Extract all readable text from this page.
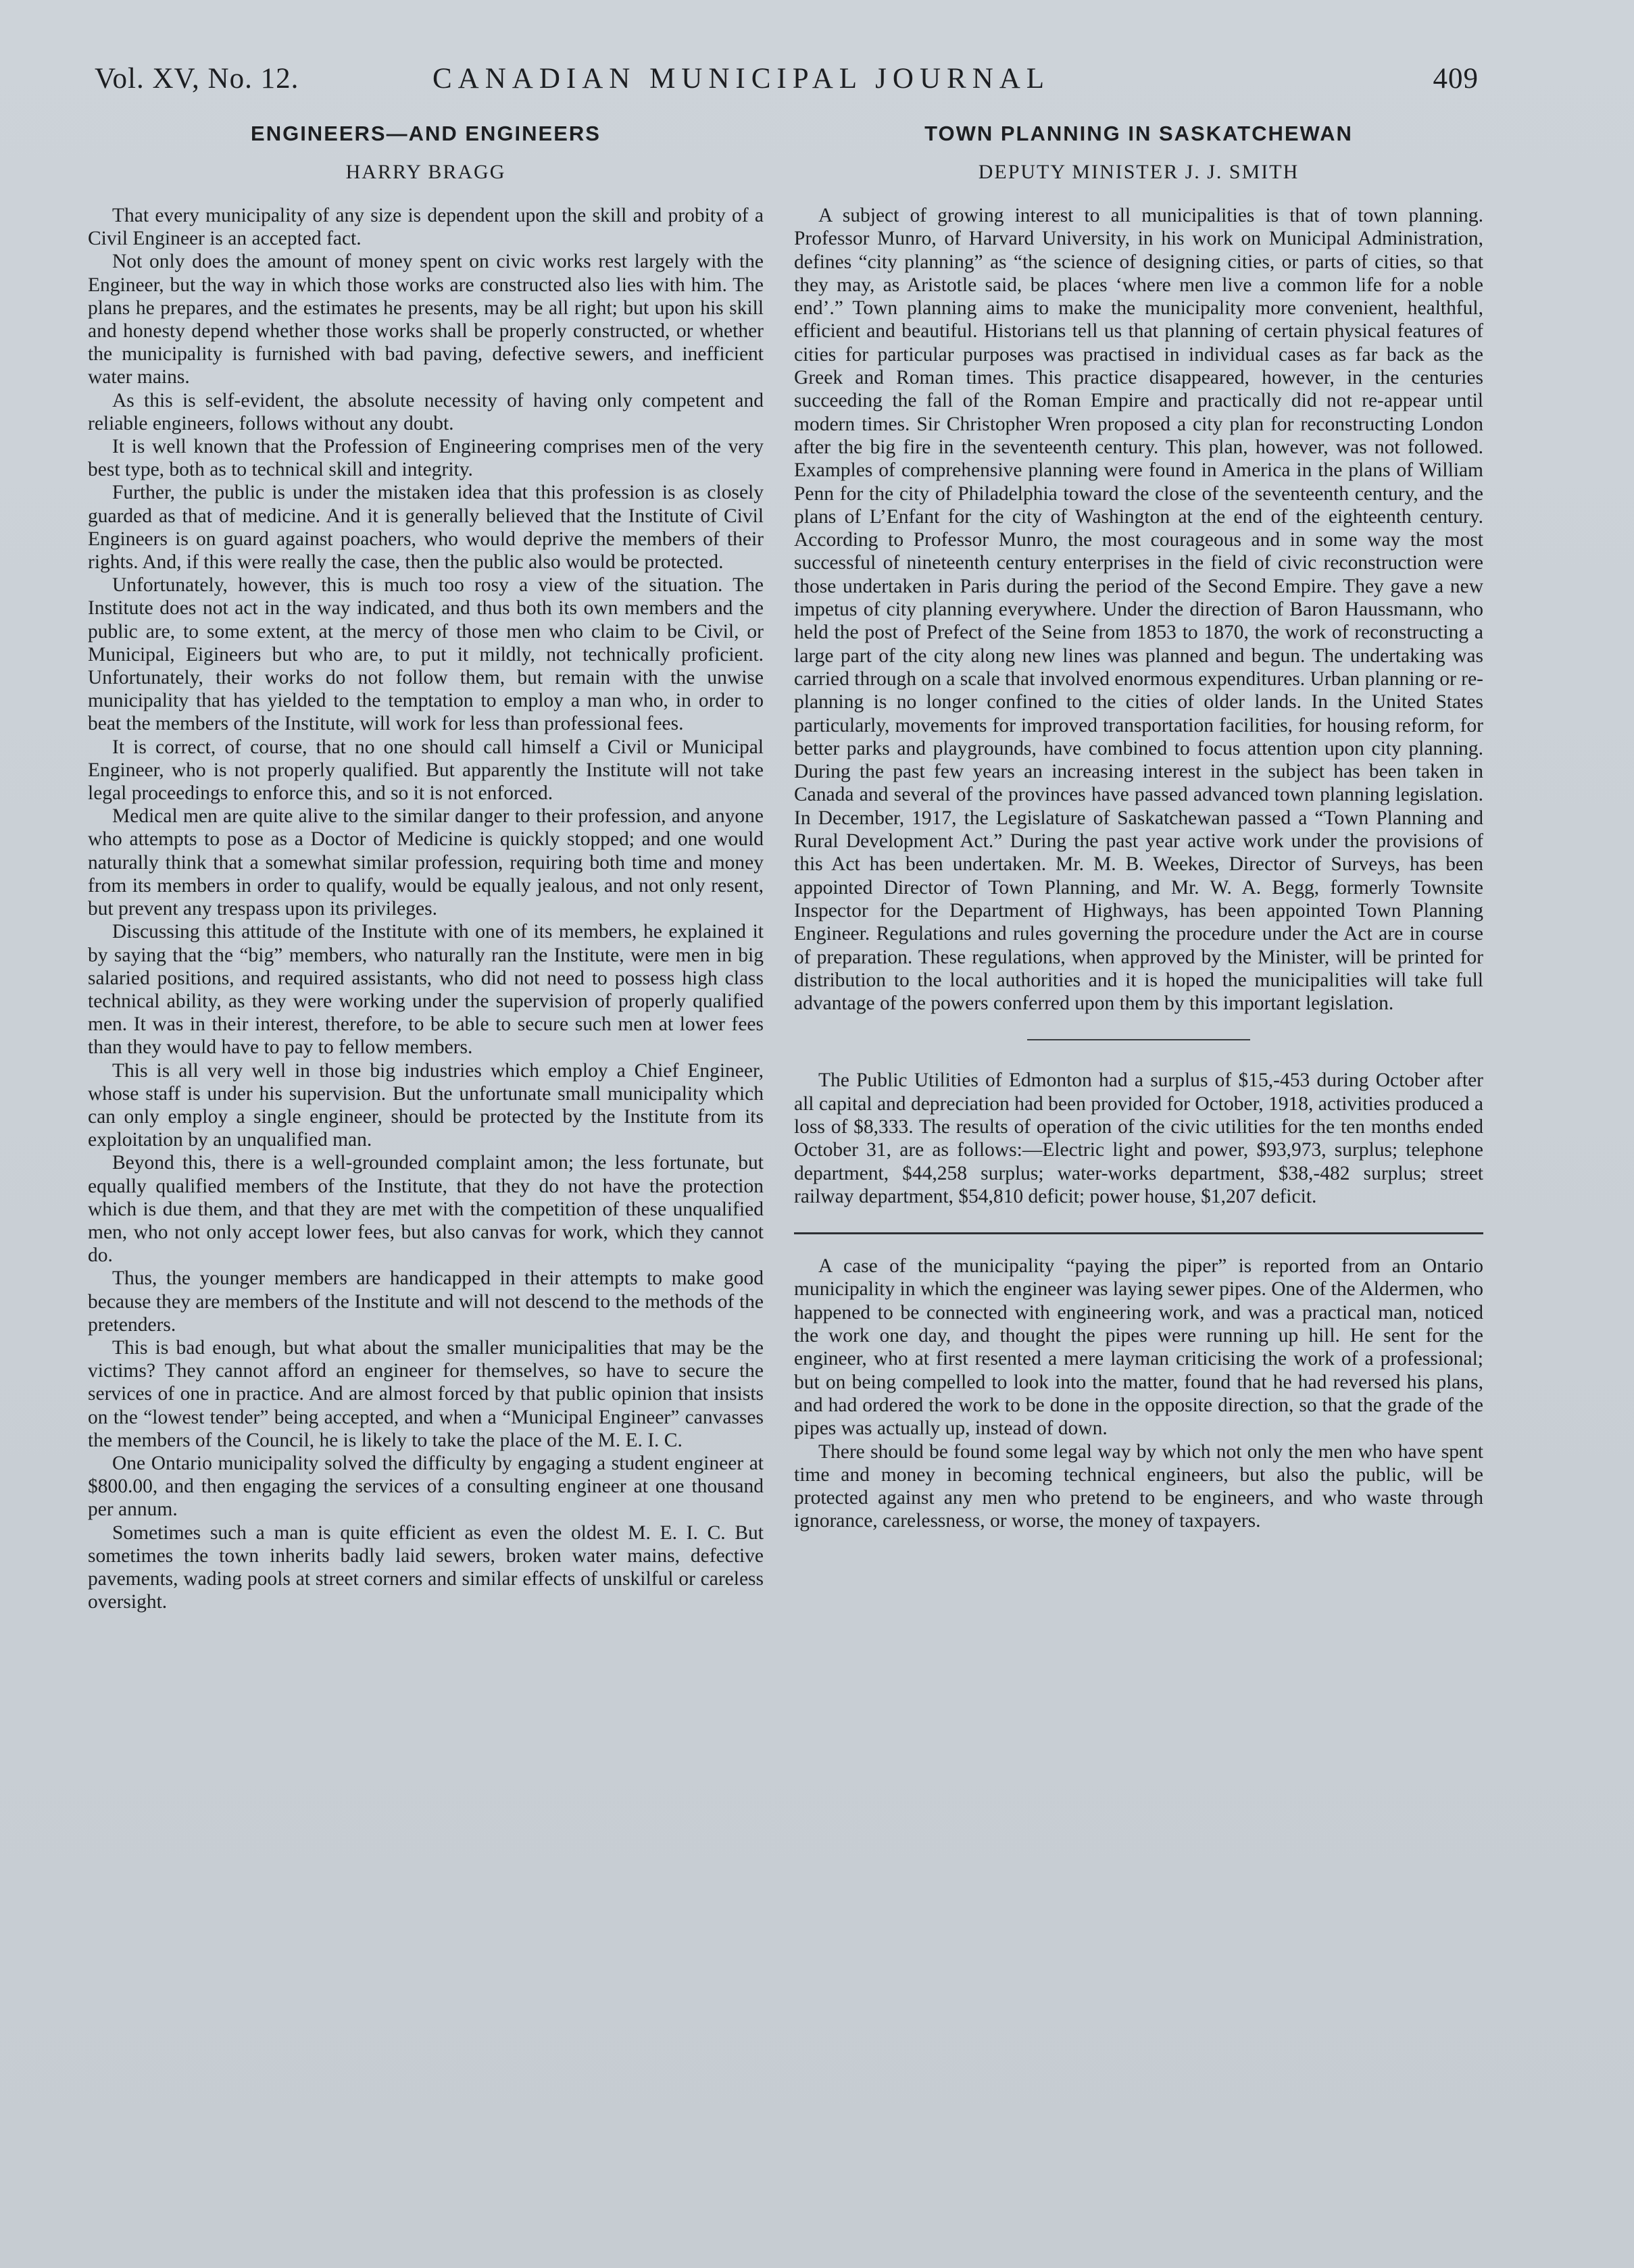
Vol. XV, No. 12.	CANADIAN MUNICIPAL JOURNAL	409
ENGINEERS—AND ENGINEERS
HARRY BRAGG

That every municipality of any size is dependent upon the skill and probity of a Civil Engineer is an accepted fact.

Not only does the amount of money spent on civic works rest largely with the Engineer, but the way in which those works are constructed also lies with him. The plans he prepares, and the estimates he presents, may be all right; but upon his skill and honesty depend whether those works shall be properly constructed, or whether the municipality is furnished with bad paving, defective sewers, and inefficient water mains.

As this is self-evident, the absolute necessity of having only competent and reliable engineers, follows without any doubt.

It is well known that the Profession of Engineering comprises men of the very best type, both as to technical skill and integrity.

Further, the public is under the mistaken idea that this profession is as closely guarded as that of medicine. And it is generally believed that the Institute of Civil Engineers is on guard against poachers, who would deprive the members of their rights. And, if this were really the case, then the public also would be protected.

Unfortunately, however, this is much too rosy a view of the situation. The Institute does not act in the way indicated, and thus both its own members and the public are, to some extent, at the mercy of those men who claim to be Civil, or Municipal, Eigineers but who are, to put it mildly, not technically proficient. Unfortunately, their works do not follow them, but remain with the unwise municipality that has yielded to the temptation to employ a man who, in order to beat the members of the Institute, will work for less than professional fees.

It is correct, of course, that no one should call himself a Civil or Municipal Engineer, who is not properly qualified. But apparently the Institute will not take legal proceedings to enforce this, and so it is not enforced.

Medical men are quite alive to the similar danger to their profession, and anyone who attempts to pose as a Doctor of Medicine is quickly stopped; and one would naturally think that a somewhat similar profession, requiring both time and money from its members in order to qualify, would be equally jealous, and not only resent, but prevent any trespass upon its privileges.

Discussing this attitude of the Institute with one of its members, he explained it by saying that the “big” members, who naturally ran the Institute, were men in big salaried positions, and required assistants, who did not need to possess high class technical ability, as they were working under the supervision of properly qualified men. It was in their interest, therefore, to be able to secure such men at lower fees than they would have to pay to fellow members.

This is all very well in those big industries which employ a Chief Engineer, whose staff is under his supervision. But the unfortunate small municipality which can only employ a single engineer, should be protected by the Institute from its exploitation by an unqualified man.

Beyond this, there is a well-grounded complaint amon; the less fortunate, but equally qualified members of the Institute, that they do not have the protection which is due them, and that they are met with the competition of these unqualified men, who not only accept lower fees, but also canvas for work, which they cannot do.

Thus, the younger members are handicapped in their attempts to make good because they are members of the Institute and will not descend to the methods of the pretenders.

This is bad enough, but what about the smaller municipalities that may be the victims? They cannot afford an engineer for themselves, so have to secure the services of one in practice. And are almost forced by that public opinion that insists on the “lowest tender” being accepted, and when a “Municipal Engineer” canvasses the members of the Council, he is likely to take the place of the M. E. I. C.

One Ontario municipality solved the difficulty by engaging a student engineer at $800.00, and then engaging the services of a consulting engineer at one thousand per annum.

Sometimes such a man is quite efficient as even the oldest M. E. I. C. But sometimes the town inherits badly laid sewers, broken water mains, defective pavements, wading pools at street corners and similar effects of unskilful or careless oversight.

TOWN PLANNING IN SASKATCHEWAN
DEPUTY MINISTER J. J. SMITH

A subject of growing interest to all municipalities is that of town planning. Professor Munro, of Harvard University, in his work on Municipal Administration, defines “city planning” as “the science of designing cities, or parts of cities, so that they may, as Aristotle said, be places ‘where men live a common life for a noble end’.” Town planning aims to make the municipality more convenient, healthful, efficient and beautiful. Historians tell us that planning of certain physical features of cities for particular purposes was practised in individual cases as far back as the Greek and Roman times. This practice disappeared, however, in the centuries succeeding the fall of the Roman Empire and practically did not re-appear until modern times. Sir Christopher Wren proposed a city plan for reconstructing London after the big fire in the seventeenth century. This plan, however, was not followed. Examples of comprehensive planning were found in America in the plans of William Penn for the city of Philadelphia toward the close of the seventeenth century, and the plans of L’Enfant for the city of Washington at the end of the eighteenth century. According to Professor Munro, the most courageous and in some way the most successful of nineteenth century enterprises in the field of civic reconstruction were those undertaken in Paris during the period of the Second Empire. They gave a new impetus of city planning everywhere. Under the direction of Baron Haussmann, who held the post of Prefect of the Seine from 1853 to 1870, the work of reconstructing a large part of the city along new lines was planned and begun. The undertaking was carried through on a scale that involved enormous expenditures. Urban planning or re-planning is no longer confined to the cities of older lands. In the United States particularly, movements for improved transportation facilities, for housing reform, for better parks and playgrounds, have combined to focus attention upon city planning. During the past few years an increasing interest in the subject has been taken in Canada and several of the provinces have passed advanced town planning legislation. In December, 1917, the Legislature of Saskatchewan passed a “Town Planning and Rural Development Act.” During the past year active work under the provisions of this Act has been undertaken. Mr. M. B. Weekes, Director of Surveys, has been appointed Director of Town Planning, and Mr. W. A. Begg, formerly Townsite Inspector for the Department of Highways, has been appointed Town Planning Engineer. Regulations and rules governing the procedure under the Act are in course of preparation. These regulations, when approved by the Minister, will be printed for distribution to the local authorities and it is hoped the municipalities will take full advantage of the powers conferred upon them by this important legislation.

The Public Utilities of Edmonton had a surplus of $15,-453 during October after all capital and depreciation had been provided for October, 1918, activities produced a loss of $8,333. The results of operation of the civic utilities for the ten months ended October 31, are as follows:—Electric light and power, $93,973, surplus; telephone department, $44,258 surplus; water-works department, $38,-482 surplus; street railway department, $54,810 deficit; power house, $1,207 deficit.

A case of the municipality “paying the piper” is reported from an Ontario municipality in which the engineer was laying sewer pipes. One of the Aldermen, who happened to be connected with engineering work, and was a practical man, noticed the work one day, and thought the pipes were running up hill. He sent for the engineer, who at first resented a mere layman criticising the work of a professional; but on being compelled to look into the matter, found that he had reversed his plans, and had ordered the work to be done in the opposite direction, so that the grade of the pipes was actually up, instead of down.

There should be found some legal way by which not only the men who have spent time and money in becoming technical engineers, but also the public, will be protected against any men who pretend to be engineers, and who waste through ignorance, carelessness, or worse, the money of taxpayers.
